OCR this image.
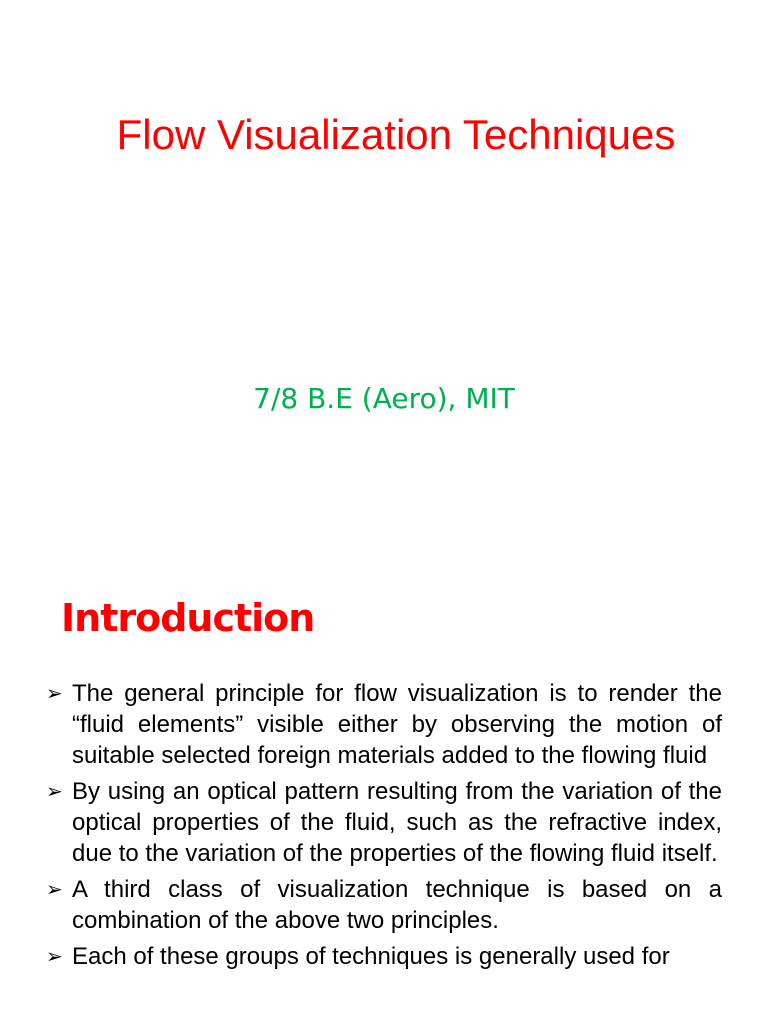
Flow Visualization Techniques

7/8 B.E (Aero), MIT

Introduction
➢ The general principle for flow visualization is to render the “fluid elements” visible either by observing the motion of suitable selected foreign materials added to the flowing fluid
➢ By using an optical pattern resulting from the variation of the optical properties of the fluid, such as the refractive index, due to the variation of the properties of the flowing fluid itself.
➢ A third class of visualization technique is based on a combination of the above two principles.
➢ Each of these groups of techniques is generally used for
